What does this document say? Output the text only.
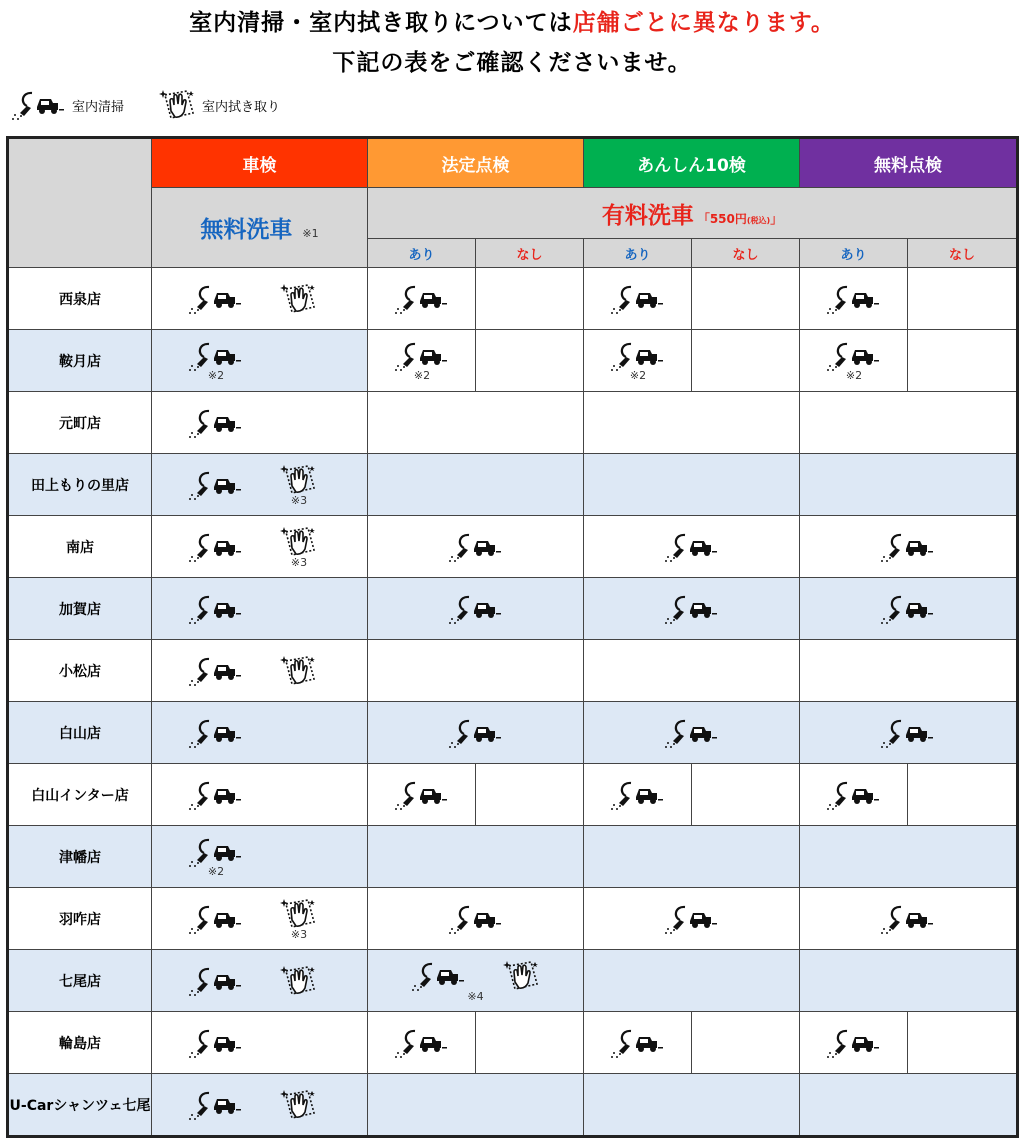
室内清掃・室内拭き取りについては店舗ごとに異なります。
下記の表をご確認くださいませ。
室内清掃	室内拭き取り
	車検	法定点検		あんしん10検		無料点検	
	無料洗車 ※1	有料洗車 「550円(税込)」					
		あり	なし	あり	なし	あり	なし
西泉店	

鞍月店	※2	※2		※2		※2	

元町店	

田上もりの里店	※3						

南店	※3

加賀店	

小松店	

白山店	

白山インター店	

津幡店	※2						

羽咋店	※3

七尾店		※4					

輪島店	

U-Carシャンツェ七尾	
